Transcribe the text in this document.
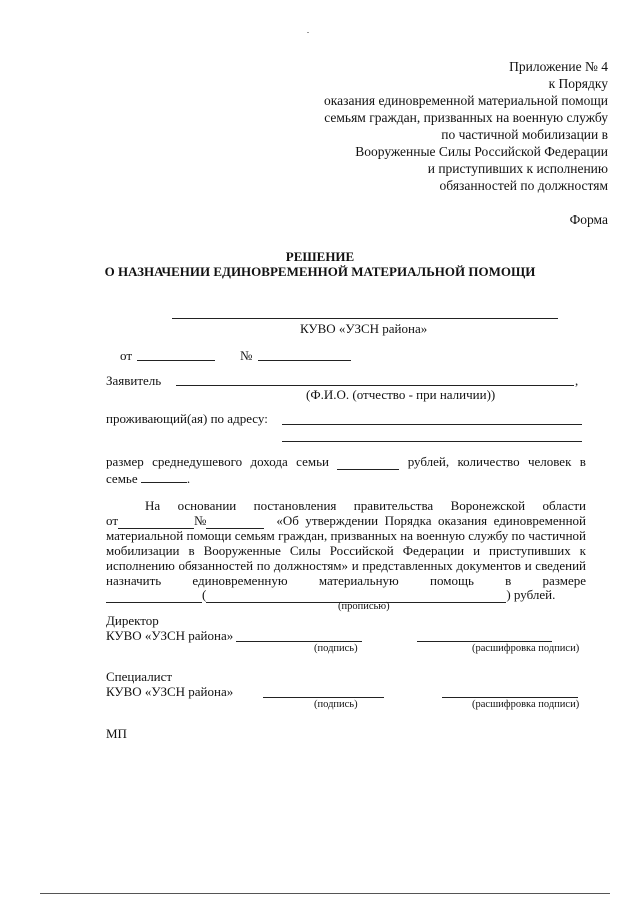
Приложение № 4
к Порядку
оказания единовременной материальной помощи
семьям граждан, призванных на военную службу
по частичной мобилизации в
Вооруженные Силы Российской Федерации
и приступивших к исполнению
обязанностей по должностям
Форма
РЕШЕНИЕ
О НАЗНАЧЕНИИ ЕДИНОВРЕМЕННОЙ МАТЕРИАЛЬНОЙ ПОМОЩИ
КУВО «УЗСН района»
от	№
Заявитель	,
(Ф.И.О. (отчество - при наличии))
проживающий(ая) по адресу:
размер среднедушевого дохода семьи	рублей, количество человек в
семье	.
На основании постановления правительства Воронежской области
от	№	«Об утверждении Порядка оказания единовременной
материальной помощи семьям граждан, призванных на военную службу по частичной
мобилизации в Вооруженные Силы Российской Федерации и приступивших к
исполнению обязанностей по должностям» и представленных документов и сведений
назначить единовременную материальную помощь в размере
(	) рублей.
(прописью)
Директор
КУВО «УЗСН района»
(подпись)	(расшифровка подписи)
Специалист
КУВО «УЗСН района»
(подпись)	(расшифровка подписи)
МП
